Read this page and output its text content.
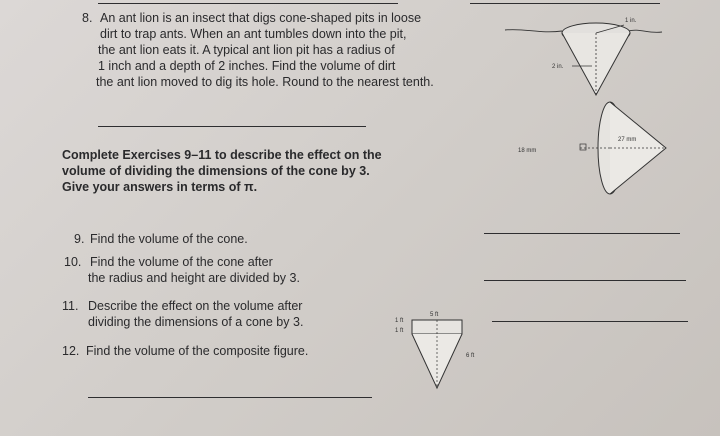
8. An ant lion is an insect that digs cone-shaped pits in loose
dirt to trap ants. When an ant tumbles down into the pit,
the ant lion eats it. A typical ant lion pit has a radius of
1 inch and a depth of 2 inches. Find the volume of dirt
the ant lion moved to dig its hole. Round to the nearest tenth.
Complete Exercises 9–11 to describe the effect on the
volume of dividing the dimensions of the cone by 3.
Give your answers in terms of π.
9. Find the volume of the cone.
10. Find the volume of the cone after
the radius and height are divided by 3.
11. Describe the effect on the volume after
dividing the dimensions of a cone by 3.
12. Find the volume of the composite figure.
1 in.
2 in.
27 mm
18 mm
5 ft
1 ft
1 ft
6 ft
